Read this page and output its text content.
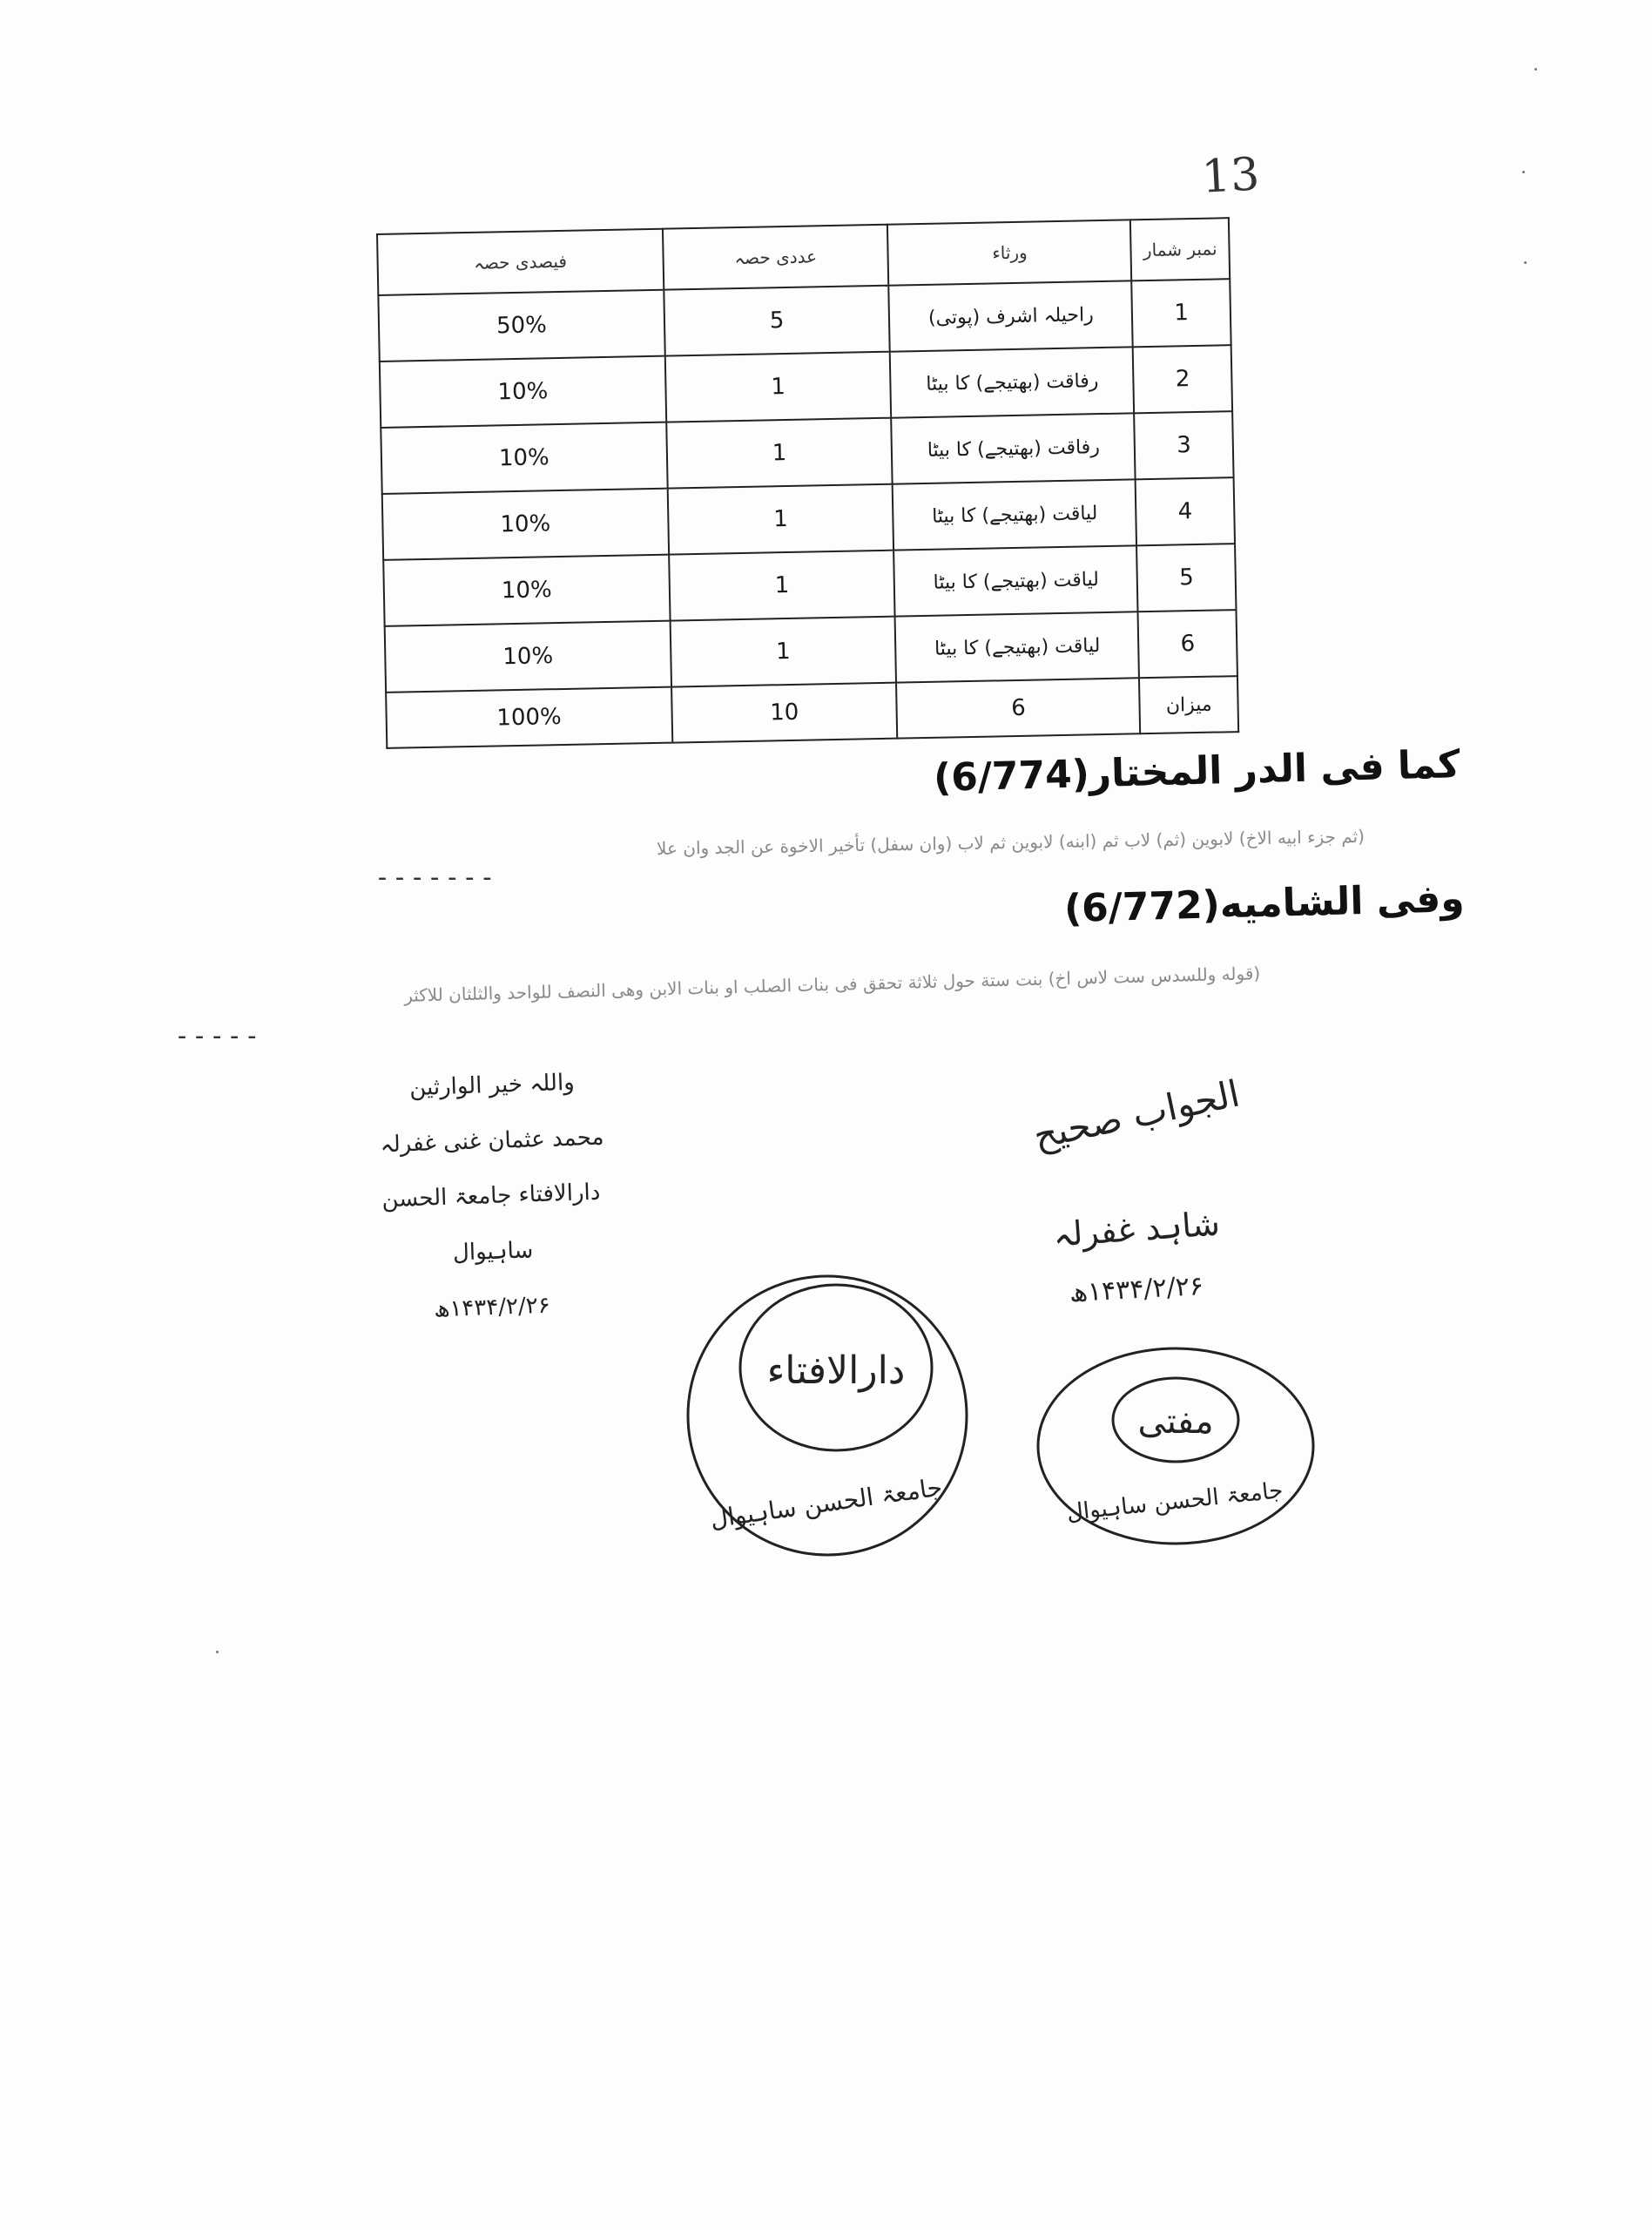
13
نمبر شمار	ورثاء	عددی حصہ	فیصدی حصہ
1	راحیلہ اشرف (پوتی)	5	50%
2	رفاقت (بھتیجے) کا بیٹا	1	10%
3	رفاقت (بھتیجے) کا بیٹا	1	10%
4	لیاقت (بھتیجے) کا بیٹا	1	10%
5	لیاقت (بھتیجے) کا بیٹا	1	10%
6	لیاقت (بھتیجے) کا بیٹا	1	10%
میزان	6	10	100%
كما فى الدر المختار(6/774)
(ثم جزء ابيه الاخ) لابوين (ثم) لاب ثم (ابنه) لابوين ثم لاب (وان سفل) تأخير الاخوة عن الجد وان علا
-------
وفى الشاميه(6/772)
(قوله وللسدس ست لاس اخ) بنت ستة حول ثلاثة تحقق فى بنات الصلب او بنات الابن وهى النصف للواحد والثلثان للاكثر
-----
واللہ خیر الوارثین
محمد عثمان غنی غفرلہ
دارالافتاء جامعۃ الحسن ساہیوال
۱۴۳۴/۲/۲۶ھ
الجواب صحیح
شاہد غفرلہ
۱۴۳۴/۲/۲۶ھ
دارالافتاء
جامعۃ الحسن ساہیوال
مفتی
جامعۃ الحسن ساہیوال
